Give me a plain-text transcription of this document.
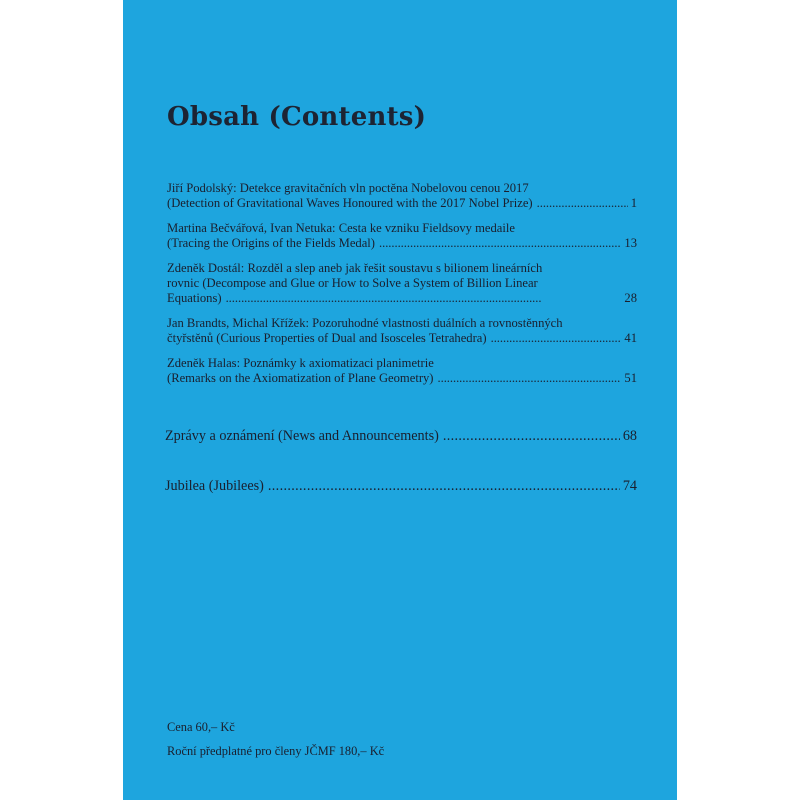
Obsah (Contents)
Jiří Podolský: Detekce gravitačních vln poctěna Nobelovou cenou 2017
(Detection of Gravitational Waves Honoured with the 2017 Nobel Prize) . . .	1
Martina Bečvářová, Ivan Netuka: Cesta ke vzniku Fieldsovy medaile
(Tracing the Origins of the Fields Medal) . . .	13
Zdeněk Dostál: Rozděl a slep aneb jak řešit soustavu s bilionem lineárních
rovnic (Decompose and Glue or How to Solve a System of Billion Linear
Equations) . . .	28
Jan Brandts, Michal Křížek: Pozoruhodné vlastnosti duálních a rovnostěnných
čtyřstěnů (Curious Properties of Dual and Isosceles Tetrahedra) . . .	41
Zdeněk Halas: Poznámky k axiomatizaci planimetrie
(Remarks on the Axiomatization of Plane Geometry) . . .	51
Zprávy a oznámení (News and Announcements) . . .	68
Jubilea (Jubilees) . . .	74
Cena 60,– Kč
Roční předplatné pro členy JČMF 180,– Kč
